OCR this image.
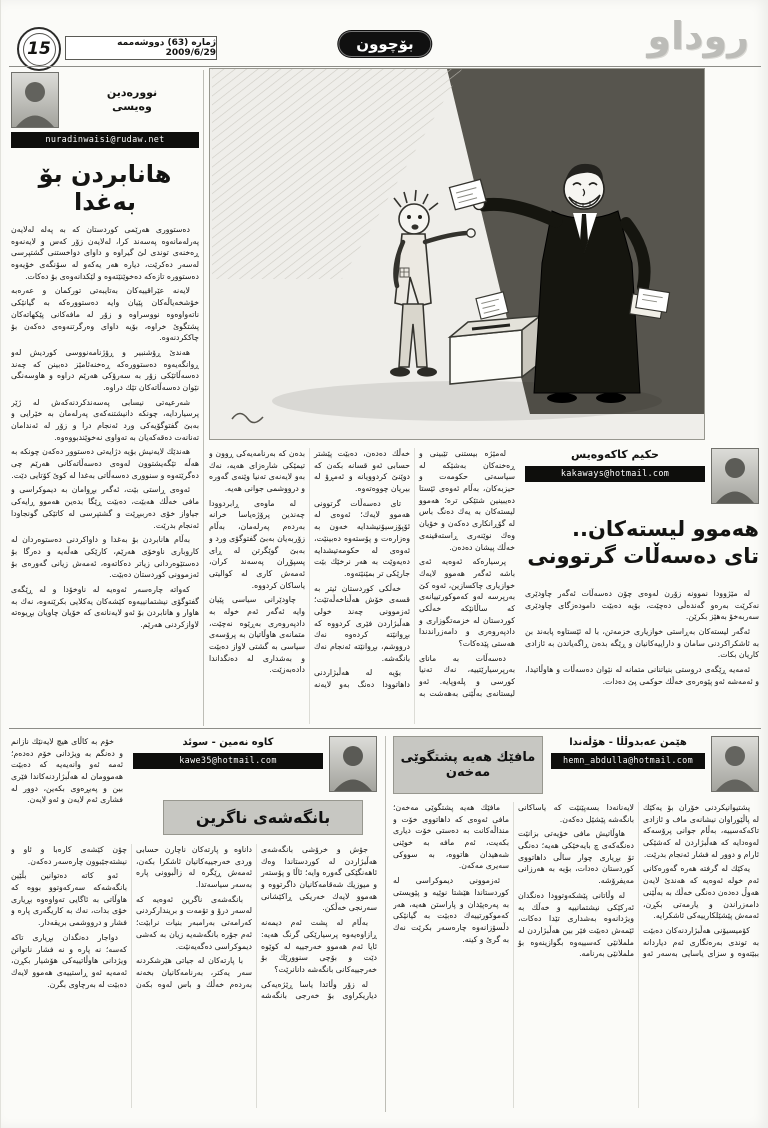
15	ژمارە (63) دووشەممە 2009/6/29	بۆچوون	روداو
نوورەدین
وەیسی
nuradinwaisi@rudaw.net
هانابردن بۆ بەغدا

دەستوورى هەرێمى كوردستان كە بە پەلە لەلایەن پەرلەمانەوە پەسەند كرا، لەلایەن زۆر كەس و لایەنەوە ڕەخنەى توندى لێ گیراوە و داواى دواخستنى گشتپرسى لەسەر دەكرێت، دیارە هەر یەكەو لە سۆنگەى خۆیەوە دەستوورە تازەكە دەخوێنێتەوە و لێكدانەوەى بۆ دەكات.

لایەنە عێراقییەكان بەتایبەتى توركمان و عەرەبە خۆشخەیاڵەكان پێیان وایە دەستوورەكە بە گیانێكى ناتەواوەوە نووسراوە و زۆر لە مافەكانى پێكهاتەكان پشتگوێ خراوە، بۆیە داواى وەرگرتنەوەى دەكەن بۆ چاككردنەوە.

هەندێ ڕۆشنبیر و ڕۆژنامەنووسى كوردیش لەو ڕوانگەیەوە دەستوورەكە ڕەخنەئامێز دەبینن كە چەند دەسەڵاتێكى زۆر بە سەرۆكى هەرێم دراوە و هاوسەنگى نێوان دەسەڵاتەكان تێك دراوە.

شەرعیەتى نیسابى پەسەندكردنەكەش لە ژێر پرسیاردایە، چونكە دانیشتنەكەى پەرلەمان بە خێرایى و بەبێ گفتوگۆیەكى ورد ئەنجام درا و زۆر لە ئەندامان تەنانەت دەقەكەیان بە تەواوى نەخوێندبووەوە.

هەندێك لایەنیش بۆیە دژایەتى دەستوور دەكەن چونكە بە هەڵە تێگەیشتوون لەوەى دەسەڵاتەكانى هەرێم چى دەگرێتەوە و سنوورى دەسەڵاتى بەغدا لە كوێ كۆتایى دێت.

ئەوەى ڕاستى بێت، ئەگەر بڕوامان بە دیموكراسى و مافى خەڵك هەبێت، دەبێت ڕێگا بدەین هەموو ڕایەكى جیاواز خۆى دەرببڕێت و گشتپرسى لە كاتێكى گونجاودا ئەنجام بدرێت.

بەڵام هانابردن بۆ بەغدا و داواكردنى دەستوەردان لە كاروبارى ناوخۆى هەرێم، كارێكى هەڵەیە و دەرگا بۆ دەستێوەردانى زیاتر دەكاتەوە، ئەمەش زیانى گەورەى بۆ ئەزموونى كوردستان دەبێت.

كەواتە چارەسەر ئەوەیە لە ناوخۆدا و لە ڕێگەى گفتوگۆى نیشتمانییەوە كێشەكان یەكلایى بكرێنەوە، نەك بە هاوار و هانابردن بۆ ئەو لایەنانەى كە خۆیان چاویان بڕیوەتە لاوازكردنى هەرێم.

حكیم كاكەوەیس
kakaways@hotmail.com
هەموو لیستەكان..
تای دەسەڵات گرتوونی

لە مێژوودا نموونە زۆرن لەوەى چۆن دەسەڵات ئەگەر چاودێرى نەكرێت بەرەو گەندەڵى دەچێت، بۆیە دەبێت دامودەزگاى چاودێرى سەربەخۆ بەهێز بكرێن.

ئەگەر لیستەكان بەڕاستى خوازیارى خزمەتن، با لە ئێستاوە پابەند بن بە ئاشكراكردنى سامان و داراییەكانیان و ڕێگە بدەن ڕاگەیاندن بە ئازادى كاریان بكات.

ئەمەیە ڕێگەى دروستى بنیاتنانى متمانە لە نێوان دەسەڵات و هاوڵاتیدا، و ئەمەشە ئەو پێوەرەى خەڵك حوكمى پێ دەدات.

لەمێژە بیستنى تێبینى و ڕەخنەكان بەشێكە لە سیاسەتى حكومەت و حیزبەكان، بەڵام ئەوەى ئێستا دەیبینین شتێكى ترە؛ هەموو لیستەكان بە یەك دەنگ باس لە گۆڕانكارى دەكەن و خۆیان وەك نوێنەرى ڕاستەقینەى خەڵك پیشان دەدەن.

پرسیارەكە ئەوەیە ئەى باشە ئەگەر هەموو لایەك خوازیارى چاكسازین، ئەوە كێ بەرپرسە لەو كەموكورتییانەى كە ساڵانێكە خەڵكى كوردستان لە خزمەتگوزارى و دادپەروەرى و دامەزراندندا هەستى پێدەكات؟

دەسەڵات بە ماناى بەرپرسیارێتییە، نەك تەنیا كورسى و پلەوپایە. ئەو لیستانەى بەڵێنى بەهەشت بە خەڵك دەدەن، دەبێت پێشتر حسابى ئەو قسانە بكەن كە دوێنێ كردوویانە و ئەمڕۆ لە بیریان چووەتەوە.

تاى دەسەڵات گرتوونى هەموو لایەك؛ ئەوەى لە ئۆپۆزسیۆنیشدایە خەون بە وەزارەت و پۆستەوە دەبینێت، ئەوەى لە حكومەتیشدایە دەیەوێت بە هەر نرخێك بێت جارێكى تر بمێنێتەوە.

خەڵكى كوردستان ئیتر بە قسەى خۆش هەڵناخەڵەتێت؛ ئەزموونى چەند خولى هەڵبژاردن فێرى كردووە كە بڕوانێتە كردەوە نەك درووشم، بڕوانێتە ئەنجام نەك بانگەشە.

بۆیە لە هەڵبژاردنى داهاتوودا دەنگ بەو لایەنە بدەن كە بەرنامەیەكى ڕوون و تیمێكى شارەزاى هەیە، نەك بەو لایەنەى تەنیا وێنەى گەورە و درووشمى جوانى هەیە.

لە ماوەى ڕابردوودا چەندین پرۆژەیاسا خرانە بەردەم پەرلەمان، بەڵام زۆربەیان بەبێ گفتوگۆى ورد و بەبێ گوێگرتن لە ڕاى پسپۆڕان پەسەند كران، ئەمەش كارى لە كوالیتى یاساكان كردووە.

چاودێرانى سیاسى پێیان وایە ئەگەر ئەم خولە بە دادپەروەرى بەڕێوە نەچێت، متمانەى هاوڵاتیان بە پرۆسەى سیاسى بە گشتى لاواز دەبێت و بەشدارى لە دەنگداندا دادەبەزێت.

هێمن عەبدوڵڵا - هۆڵەندا
hemn_abdulla@hotmail.com
مافێك هەیە پشتگوێی مەخەن

پشتیوانیكردنى خۆران بۆ یەكێك لە پاڵێوراوان نیشانەى ماف و ئازادى تاكەكەسییە، بەڵام جوانى پرۆسەكە لەوەدایە كە هەڵبژاردن لە كەشێكى ئارام و دوور لە فشار ئەنجام بدرێت.

یەكێك لە گرفتە هەرە گەورەكانى ئەم خولە ئەوەیە كە هەندێ لایەن هەوڵ دەدەن دەنگى خەڵك بە بەڵێنى دامەزراندن و یارمەتى بكڕن، ئەمەش پێشێلكارییەكى ئاشكرایە.

كۆمیسیۆنى هەڵبژاردنەكان دەبێت بە توندى بەرەنگارى ئەم دیاردانە ببێتەوە و سزاى یاسایى بەسەر ئەو لایەنانەدا بسەپێنێت كە یاساكانى بانگەشە پێشێل دەكەن.

هاوڵاتیش مافى خۆیەتى بزانێت دەنگەكەى چ بایەخێكى هەیە؛ دەنگى تۆ بڕیارى چوار ساڵى داهاتووى كوردستان دەدات، بۆیە بە هەرزانى مەیفرۆشە.

لە وڵاتانى پێشكەوتوودا دەنگدان ئەركێكى نیشتمانییە و خەڵك بە ویژدانەوە بەشدارى تێدا دەكات، ئێمەش دەبێت فێر بین هەڵبژاردن لە ململانێى كەسییەوە بگوازینەوە بۆ ململانێى بەرنامە.

مافێك هەیە پشتگوێى مەخەن؛ مافى ئەوەى كە داهاتووى خۆت و منداڵەكانت بە دەستى خۆت دیارى بكەیت، ئەم مافە بە خوێنى شەهیدان هاتووە، بە سووكى سەیرى مەكەن.

ئەزموونى دیموكراسى لە كوردستاندا هێشتا نوێیە و پێویستى بە پەرەپێدان و پاراستن هەیە، هەر كەموكورتییەك دەبێت بە گیانێكى دڵسۆزانەوە چارەسەر بكرێت نەك بە گرێ و كینە.

كاوە نەمین - سوئد
kawe35@hotmail.com
بانگەشەی ناگرین

خۆم بە كاڵاى هیچ لایەنێك نازانم و دەنگم بە ویژدانى خۆم دەدەم؛ ئەمە ئەو وانەیەیە كە دەبێت هەموومان لە هەڵبژاردنەكاندا فێرى بین و پەیڕەوى بكەین، دوور لە فشارى ئەم لایەن و ئەو لایەن.

جۆش و خرۆشى بانگەشەى هەڵبژاردن لە كوردستاندا وەك ئاهەنگێكى گەورە وایە؛ ئاڵا و پۆستەر و میوزیك شەقامەكانیان داگرتووە و هەموو لایەك خەریكى ڕاكێشانى سەرنجى خەڵكن.

بەڵام لە پشت ئەم دیمەنە ڕازاوەیەوە پرسیارێكى گرنگ هەیە: ئایا ئەم هەموو خەرجییە لە كوێوە دێت و بۆچى سنوورێك بۆ خەرجییەكانى بانگەشە دانانرێت؟

لە زۆر وڵاتدا یاسا ڕێژەیەكى دیاریكراوى بۆ خەرجى بانگەشە داناوە و پارتەكان ناچارن حسابى وردى خەرجییەكانیان ئاشكرا بكەن، ئەمەش ڕێگرە لە زاڵبوونى پارە بەسەر سیاسەتدا.

بانگەشەى ناگرین ئەوەیە كە لەسەر درۆ و تۆمەت و برینداركردنى كەرامەتى بەرامبەر بنیات نرابێت؛ ئەم جۆرە بانگەشەیە زیان بە كەشى دیموكراسى دەگەیەنێت.

با پارتەكان لە جیاتى هێرشكردنە سەر یەكتر، بەرنامەكانیان بخەنە بەردەم خەڵك و باس لەوە بكەن چۆن كێشەى كارەبا و ئاو و نیشتەجێبوون چارەسەر دەكەن.

ئەو كاتە دەتوانین بڵێین بانگەشەكە سەركەوتوو بووە كە هاوڵاتى بە ئاگایى تەواوەوە بڕیارى خۆى بدات، نەك بە كاریگەرى پارە و فشار و درووشمى بریقەدار.

دواجار دەنگدان بڕیارى تاكە كەسە؛ نە پارە و نە فشار ناتوانن ویژدانى هاوڵاتییەكى هۆشیار بكڕن، ئەمەیە ئەو ڕاستییەى هەموو لایەك دەبێت لە بەرچاوى بگرن.
